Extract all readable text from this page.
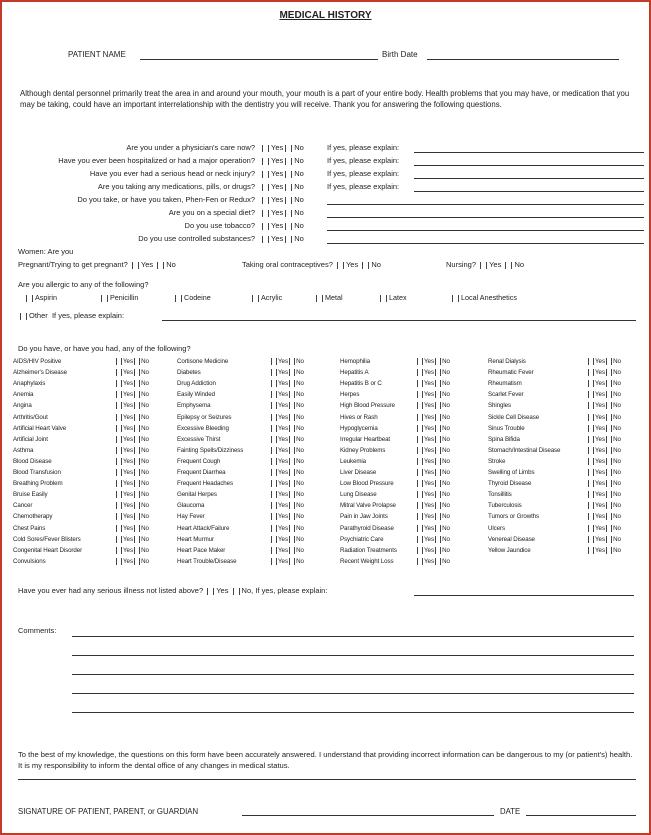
MEDICAL HISTORY
PATIENT NAME	Birth Date
Although dental personnel primarily treat the area in and around your mouth, your mouth is a part of your entire body. Health problems that you may have, or medication that you may be taking, could have an important interrelationship with the dentistry you will receive. Thank you for answering the following questions.
Are you under a physician's care now?	Yes No	If yes, please explain:
Have you ever been hospitalized or had a major operation?	Yes No	If yes, please explain:
Have you ever had a serious head or neck injury?	Yes No	If yes, please explain:
Are you taking any medications, pills, or drugs?	Yes No	If yes, please explain:
Do you take, or have you taken, Phen-Fen or Redux?	Yes No
Are you on a special diet?	Yes No
Do you use tobacco?	Yes No
Do you use controlled substances?	Yes No
Women: Are you
Pregnant/Trying to get pregnant? Yes No	Taking oral contraceptives? Yes No	Nursing? Yes No
Are you allergic to any of the following?
Aspirin	Penicillin	Codeine	Acrylic	Metal	Latex	Local Anesthetics
Other If yes, please explain:
Do you have, or have you had, any of the following?
AIDS/HIV Positive	Yes No
Alzheimer's Disease	Yes No
Anaphylaxis	Yes No
Anemia	Yes No
Angina	Yes No
Arthritis/Gout	Yes No
Artificial Heart Valve	Yes No
Artificial Joint	Yes No
Asthma	Yes No
Blood Disease	Yes No
Blood Transfusion	Yes No
Breathing Problem	Yes No
Bruise Easily	Yes No
Cancer	Yes No
Chemotherapy	Yes No
Chest Pains	Yes No
Cold Sores/Fever Blisters	Yes No
Congenital Heart Disorder	Yes No
Convulsions	Yes No
Cortisone Medicine	Yes No
Diabetes	Yes No
Drug Addiction	Yes No
Easily Winded	Yes No
Emphysema	Yes No
Epilepsy or Seizures	Yes No
Excessive Bleeding	Yes No
Excessive Thirst	Yes No
Fainting Spells/Dizziness	Yes No
Frequent Cough	Yes No
Frequent Diarrhea	Yes No
Frequent Headaches	Yes No
Genital Herpes	Yes No
Glaucoma	Yes No
Hay Fever	Yes No
Heart Attack/Failure	Yes No
Heart Murmur	Yes No
Heart Pace Maker	Yes No
Heart Trouble/Disease	Yes No
Hemophilia	Yes No
Hepatitis A	Yes No
Hepatitis B or C	Yes No
Herpes	Yes No
High Blood Pressure	Yes No
Hives or Rash	Yes No
Hypoglycemia	Yes No
Irregular Heartbeat	Yes No
Kidney Problems	Yes No
Leukemia	Yes No
Liver Disease	Yes No
Low Blood Pressure	Yes No
Lung Disease	Yes No
Mitral Valve Prolapse	Yes No
Pain in Jaw Joints	Yes No
Parathyroid Disease	Yes No
Psychiatric Care	Yes No
Radiation Treatments	Yes No
Recent Weight Loss	Yes No
Renal Dialysis	Yes No
Rheumatic Fever	Yes No
Rheumatism	Yes No
Scarlet Fever	Yes No
Shingles	Yes No
Sickle Cell Disease	Yes No
Sinus Trouble	Yes No
Spina Bifida	Yes No
Stomach/Intestinal Disease	Yes No
Stroke	Yes No
Swelling of Limbs	Yes No
Thyroid Disease	Yes No
Tonsillitis	Yes No
Tuberculosis	Yes No
Tumors or Growths	Yes No
Ulcers	Yes No
Venereal Disease	Yes No
Yellow Jaundice	Yes No
Have you ever had any serious illness not listed above? Yes No, If yes, please explain:
Comments:
To the best of my knowledge, the questions on this form have been accurately answered. I understand that providing incorrect information can be dangerous to my (or patient's) health. It is my responsibility to inform the dental office of any changes in medical status.
SIGNATURE OF PATIENT, PARENT, or GUARDIAN	DATE
